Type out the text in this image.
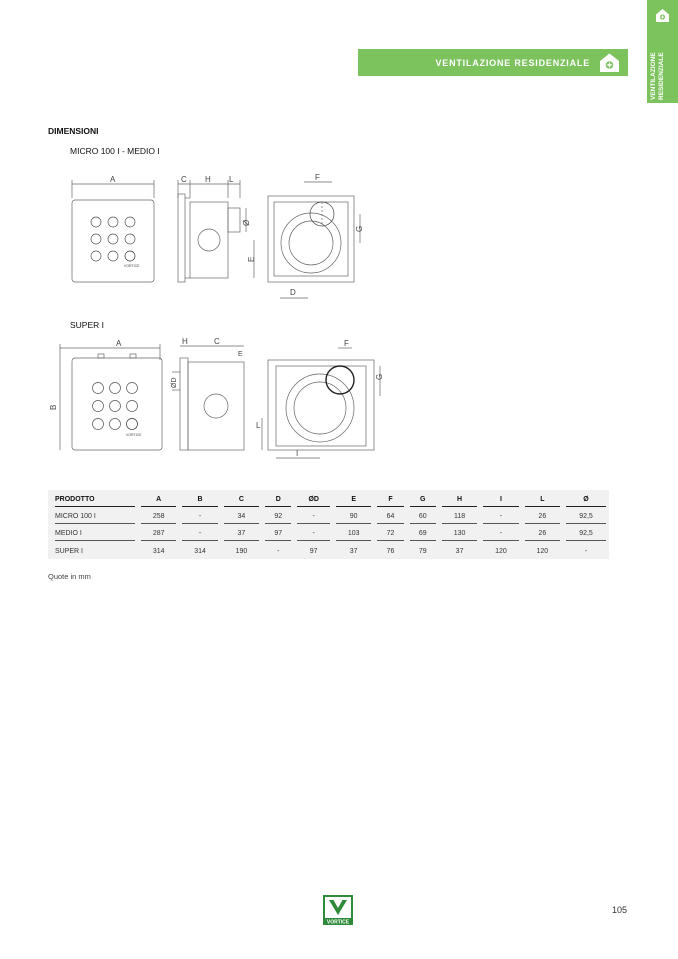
VENTILAZIONE
RESIDENZIALE
VENTILAZIONE RESIDENZIALE
DIMENSIONI
MICRO 100 I - MEDIO I
A
VORTICE
C H L
Ø
E
F
G
D
SUPER I
A
B
VORTICE
H	C
E
ØD
F
G
L
I
PRODOTTO	A	B	C	D	ØD	E	F	G	H	I	L	Ø

MICRO 100 I	258	-	34	92	-	90	64	60	118	-	26	92,5

MEDIO I	287	-	37	97	-	103	72	69	130	-	26	92,5

SUPER I	314	314	190	-	97	37	76	79	37	120	120	-
Quote in mm
VORTICE
105
